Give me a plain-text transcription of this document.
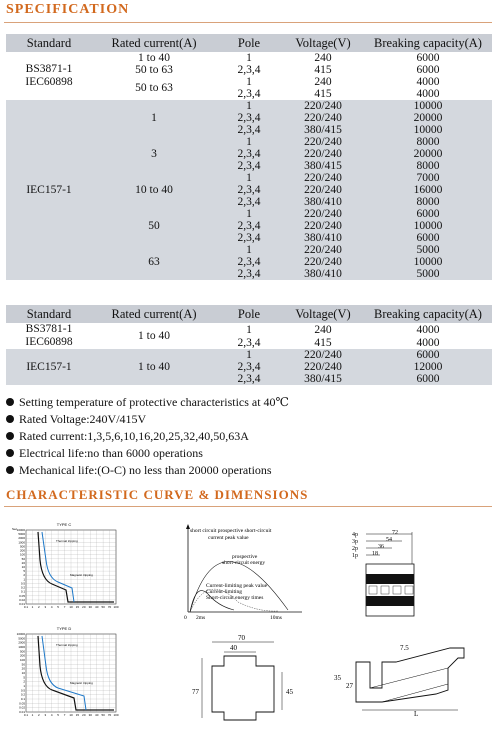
SPECIFICATION
Standard	Rated current(A)	Pole	Voltage(V)	Breaking capacity(A)
BS3871-1
IEC60898	1 to 40	1	240	6000
	50 to 63	2,3,4	415	6000
	50 to 63	1	240	4000
		2,3,4	415	4000
IEC157-1	1	1	220/240	10000
		2,3,4	220/240	20000
		2,3,4	380/415	10000
	3	1	220/240	8000
		2,3,4	220/240	20000
		2,3,4	380/415	8000
	10 to 40	1	220/240	7000
		2,3,4	220/240	16000
		2,3,4	380/410	8000
	50	1	220/240	6000
		2,3,4	220/240	10000
		2,3,4	380/410	6000
	63	1	220/240	5000
		2,3,4	220/240	10000
		2,3,4	380/410	5000
Standard	Rated current(A)	Pole	Voltage(V)	Breaking capacity(A)
BS3781-1
IEC60898	1 to 40	1	240	4000
		2,3,4	415	4000
IEC157-1	1 to 40	1	220/240	6000
		2,3,4	220/240	12000
		2,3,4	380/415	6000
Setting temperature of protective characteristics at 40℃
Rated Voltage:240V/415V
Rated current:1,3,5,6,10,16,20,25,32,40,50,63A
Electrical life:no than 6000 operations
Mechanical life:(O-C) no less than 20000 operations
CHARACTERISTIC CURVE & DIMENSIONS
TYPE C
10000
5000
2000
1000
500
200
100
50
20
10
5
2
1
0.5
0.2
0.1
0.05
0.02
0.01
0.1 1 2 3 4 5 7 10 15 20 30 40 50 70 100
Sec
Thermal tripping
Magnetic tripping
TYPE D
10000
5000
2000
1000
500
200
100
50
20
10
5
2
1
0.5
0.2
0.1
0.05
0.02
0.01
0.1 1 2 3 4 5 7 10 15 20 30 40 50 70 100
Thermal tripping
Magnetic tripping
short circuit prospective short-circuit
current peak value
prospective
short-circuit energy
Current-limiting peak value
Current-limiting
Short-circuit energy times
0 2ms	10ms
4p
3p
2p
1p
72
54
36
18
70
40
77	45
7.5
35
27
L
